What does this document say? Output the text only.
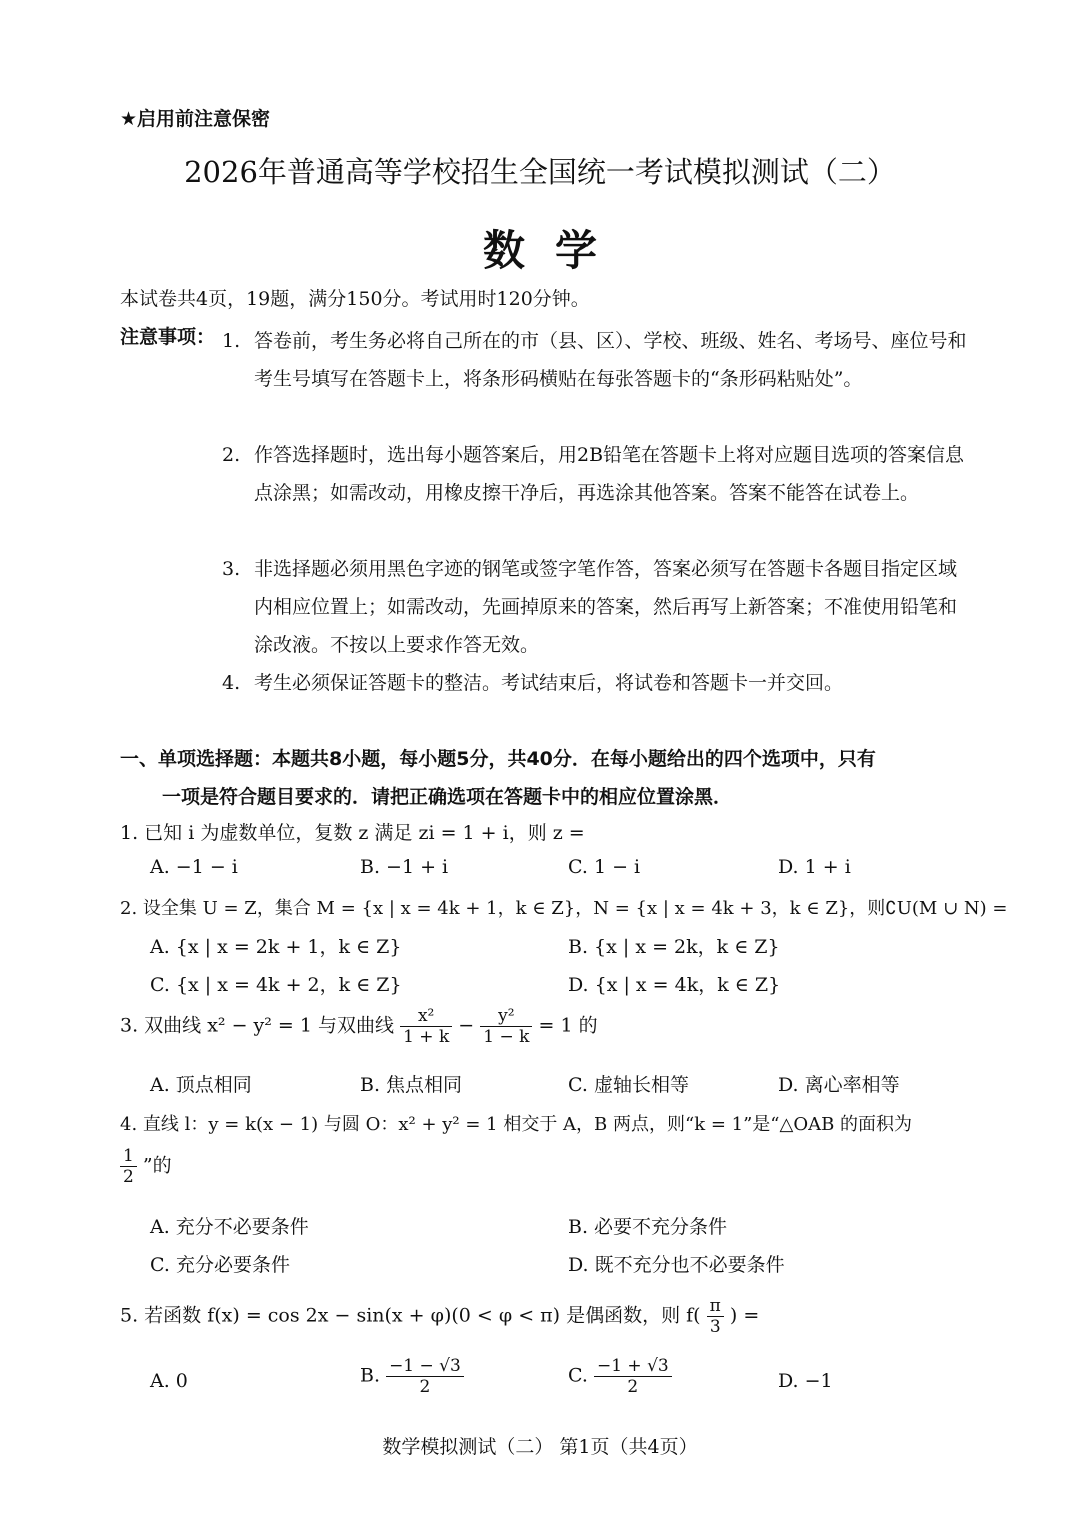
★启用前注意保密
2026年普通高等学校招生全国统一考试模拟测试（二）
数学
本试卷共4页，19题，满分150分。考试用时120分钟。
注意事项： 1. 答卷前，考生务必将自己所在的市（县、区）、学校、班级、姓名、考场号、座位号和考生号填写在答题卡上，将条形码横贴在每张答题卡的“条形码粘贴处”。
2. 作答选择题时，选出每小题答案后，用2B铅笔在答题卡上将对应题目选项的答案信息点涂黑；如需改动，用橡皮擦干净后，再选涂其他答案。答案不能答在试卷上。
3. 非选择题必须用黑色字迹的钢笔或签字笔作答，答案必须写在答题卡各题目指定区域内相应位置上；如需改动，先画掉原来的答案，然后再写上新答案；不准使用铅笔和涂改液。不按以上要求作答无效。
4. 考生必须保证答题卡的整洁。考试结束后，将试卷和答题卡一并交回。
一、单项选择题：本题共8小题，每小题5分，共40分．在每小题给出的四个选项中，只有
一项是符合题目要求的．请把正确选项在答题卡中的相应位置涂黑．
1. 已知 i 为虚数单位，复数 z 满足 zi = 1 + i，则 z =
A. −1 − i	B. −1 + i	C. 1 − i	D. 1 + i
2. 设全集 U = Z，集合 M = {x | x = 4k + 1，k ∈ Z}，N = {x | x = 4k + 3，k ∈ Z}，则∁U(M ∪ N) =
A. {x | x = 2k + 1，k ∈ Z}	B. {x | x = 2k，k ∈ Z}
C. {x | x = 4k + 2，k ∈ Z}	D. {x | x = 4k，k ∈ Z}
3. 双曲线 x² − y² = 1 与双曲线 $\frac{\text{x²}}{1 + k} - \frac{\text{y²}}{1 - k} = 1$ 的
A. 顶点相同	B. 焦点相同	C. 虚轴长相等	D. 离心率相等
4. 直线 l：y = k(x − 1) 与圆 O：x² + y² = 1 相交于 A，B 两点，则“k = 1”是“△OAB 的面积为
$\frac{1}{2}$ ”的
A. 充分不必要条件	B. 必要不充分条件
C. 充分必要条件	D. 既不充分也不必要条件
5. 若函数 f(x) = cos 2x − sin(x + φ)(0 < φ < π) 是偶函数，则 $f( \frac{\pi}{3}$ ) =
A. 0	B. $\frac{-1 - √3}{2}$	C. $\frac{-1 + √3}{2}$	D. −1
数学模拟测试（二） 第1页（共4页）
